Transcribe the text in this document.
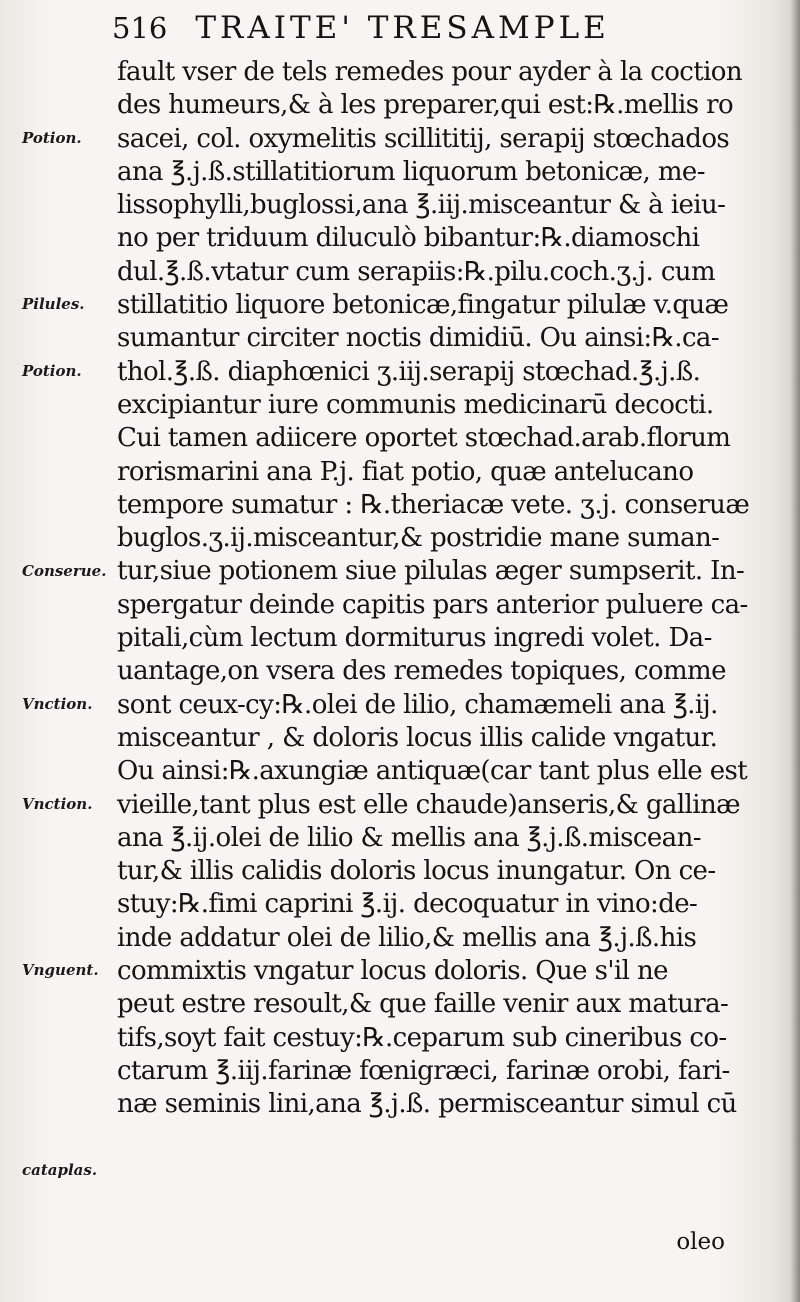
516 TRAITE' TRESAMPLE
Potion.
Pilules.
Potion.
Conserue.
Vnction.
Vnction.
Vnguent.
cataplas.
fault vser de tels remedes pour ayder à la coction
des humeurs,& à les preparer,qui est:℞.mellis ro
sacei, col. oxymelitis scillititij, serapij stœchados
ana ℥.j.ß.stillatitiorum liquorum betonicæ, me-
lissophylli,buglossi,ana ℥.iij.misceantur & à ieiu-
no per triduum diluculò bibantur:℞.diamoschi
dul.℥.ß.vtatur cum serapiis:℞.pilu.coch.ʒ.j. cum
stillatitio liquore betonicæ,fingatur pilulæ v.quæ
sumantur circiter noctis dimidiū. Ou ainsi:℞.ca-
thol.℥.ß. diaphœnici ʒ.iij.serapij stœchad.℥.j.ß.
excipiantur iure communis medicinarū decocti.
Cui tamen adiicere oportet stœchad.arab.florum
rorismarini ana P.j. fiat potio, quæ antelucano
tempore sumatur : ℞.theriacæ vete. ʒ.j. conseruæ
buglos.ʒ.ij.misceantur,& postridie mane suman-
tur,siue potionem siue pilulas æger sumpserit. In-
spergatur deinde capitis pars anterior puluere ca-
pitali,cùm lectum dormiturus ingredi volet. Da-
uantage,on vsera des remedes topiques, comme
sont ceux-cy:℞.olei de lilio, chamæmeli ana ℥.ij.
misceantur , & doloris locus illis calide vngatur.
Ou ainsi:℞.axungiæ antiquæ(car tant plus elle est
vieille,tant plus est elle chaude)anseris,& gallinæ
ana ℥.ij.olei de lilio & mellis ana ℥.j.ß.miscean-
tur,& illis calidis doloris locus inungatur. On ce-
stuy:℞.fimi caprini ℥.ij. decoquatur in vino:de-
inde addatur olei de lilio,& mellis ana ℥.j.ß.his
commixtis vngatur locus doloris. Que s'il ne
peut estre resoult,& que faille venir aux matura-
tifs,soyt fait cestuy:℞.ceparum sub cineribus co-
ctarum ℥.iij.farinæ fœnigræci, farinæ orobi, fari-
næ seminis lini,ana ℥.j.ß. permisceantur simul cū
oleo
